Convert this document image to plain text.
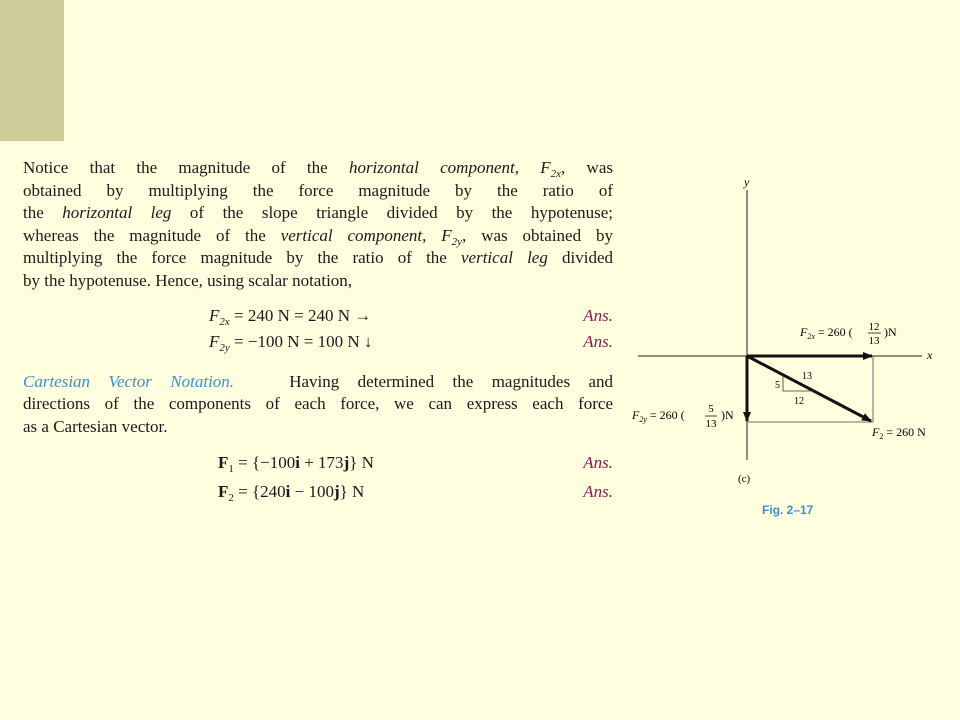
Notice that the magnitude of the horizontal component, $F_{2x}$, was
obtained by multiplying the force magnitude by the ratio of
the horizontal leg of the slope triangle divided by the hypotenuse;
whereas the magnitude of the vertical component, $F_{2y}$, was obtained by
multiplying the force magnitude by the ratio of the vertical leg divided
by the hypotenuse. Hence, using scalar notation,

$F_{2x} = 240$ N = 240 N →	Ans.
$F_{2y} = -100$ N = 100 N ↓	Ans.

Cartesian Vector Notation.	Having determined the magnitudes and
directions of the components of each force, we can express each force
as a Cartesian vector.

$F_1 = \{-100i + 173j\}$ N	Ans.
$F_2 = \{240i - 100j\}$ N	Ans.
y
x
13
5
12
$F_{2x} = 260$ ( 12
13
)N
$F_{2y} = 260$ ( 5
13
)N
$F_2 = 260$ N
(c)
Fig. 2–17
